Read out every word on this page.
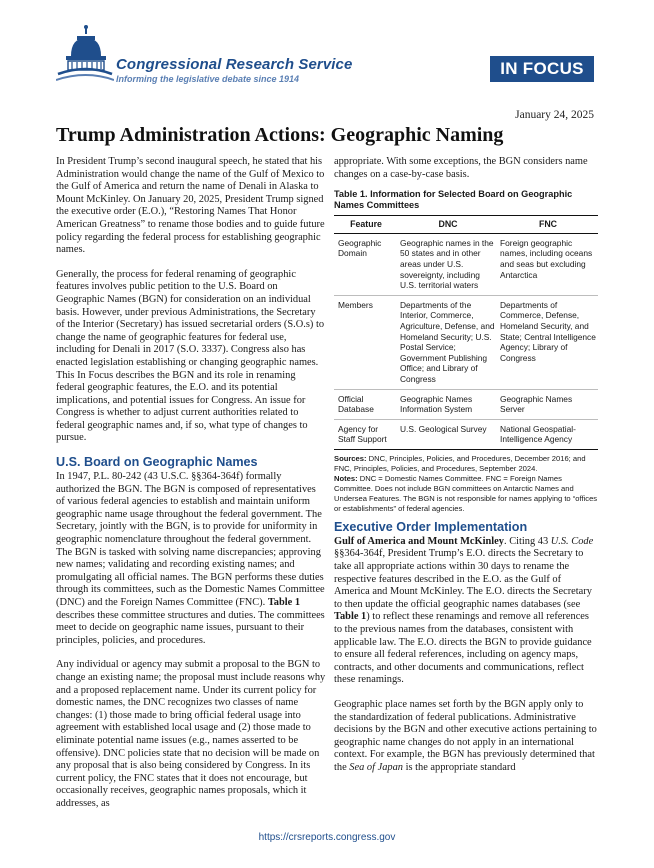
Congressional Research Service
Informing the legislative debate since 1914
IN FOCUS
January 24, 2025
Trump Administration Actions: Geographic Naming

In President Trump’s second inaugural speech, he stated that his Administration would change the name of the Gulf of Mexico to the Gulf of America and return the name of Denali in Alaska to Mount McKinley. On January 20, 2025, President Trump signed the executive order (E.O.), “Restoring Names That Honor American Greatness” to rename those bodies and to guide future policy regarding the federal process for establishing geographic names.

Generally, the process for federal renaming of geographic features involves public petition to the U.S. Board on Geographic Names (BGN) for consideration on an individual basis. However, under previous Administrations, the Secretary of the Interior (Secretary) has issued secretarial orders (S.O.s) to change the name of geographic features for federal use, including for Denali in 2017 (S.O. 3337). Congress also has enacted legislation establishing or changing geographic names. This In Focus describes the BGN and its role in renaming federal geographic features, the E.O. and its potential implications, and potential issues for Congress. An issue for Congress is whether to adjust current authorities related to federal geographic names and, if so, what type of changes to pursue.

U.S. Board on Geographic Names

In 1947, P.L. 80-242 (43 U.S.C. §§364-364f) formally authorized the BGN. The BGN is composed of representatives of various federal agencies to establish and maintain uniform geographic name usage throughout the federal government. The Secretary, jointly with the BGN, is to provide for uniformity in geographic nomenclature throughout the federal government. The BGN is tasked with solving name discrepancies; approving new names; validating and recording existing names; and promulgating all official names. The BGN performs these duties through its committees, such as the Domestic Names Committee (DNC) and the Foreign Names Committee (FNC). Table 1 describes these committee structures and duties. The committees meet to decide on geographic name issues, pursuant to their principles, policies, and procedures.

Any individual or agency may submit a proposal to the BGN to change an existing name; the proposal must include reasons why and a proposed replacement name. Under its current policy for domestic names, the DNC recognizes two classes of name changes: (1) those made to bring official federal usage into agreement with established local usage and (2) those made to eliminate potential name issues (e.g., names asserted to be offensive). DNC policies state that no decision will be made on any proposal that is also being considered by Congress. In its current policy, the FNC states that it does not encourage, but occasionally receives, geographic names proposals, which it addresses, as

appropriate. With some exceptions, the BGN considers name changes on a case-by-case basis.

Table 1. Information for Selected Board on Geographic Names Committees
Feature	DNC	FNC
Geographic Domain	Geographic names in the 50 states and in other areas under U.S. sovereignty, including U.S. territorial waters	Foreign geographic names, including oceans and seas but excluding Antarctica
Members	Departments of the Interior, Commerce, Agriculture, Defense, and Homeland Security; U.S. Postal Service; Government Publishing Office; and Library of Congress	Departments of Commerce, Defense, Homeland Security, and State; Central Intelligence Agency; Library of Congress
Official Database	Geographic Names Information System	Geographic Names Server
Agency for Staff Support	U.S. Geological Survey	National Geospatial-Intelligence Agency
Sources: DNC, Principles, Policies, and Procedures, December 2016; and FNC, Principles, Policies, and Procedures, September 2024.
Notes: DNC = Domestic Names Committee. FNC = Foreign Names Committee. Does not include BGN committees on Antarctic Names and Undersea Features. The BGN is not responsible for names applying to “offices or establishments” of federal agencies.
Executive Order Implementation

Gulf of America and Mount McKinley. Citing 43 U.S. Code §§364-364f, President Trump’s E.O. directs the Secretary to take all appropriate actions within 30 days to rename the respective features described in the E.O. as the Gulf of America and Mount McKinley. The E.O. directs the Secretary to then update the official geographic names databases (see Table 1) to reflect these renamings and remove all references to the previous names from the databases, consistent with applicable law. The E.O. directs the BGN to provide guidance to ensure all federal references, including on agency maps, contracts, and other documents and communications, reflect these renamings.

Geographic place names set forth by the BGN apply only to the standardization of federal publications. Administrative decisions by the BGN and other executive actions pertaining to geographic name changes do not apply in an international context. For example, the BGN has previously determined that the Sea of Japan is the appropriate standard

https://crsreports.congress.gov
